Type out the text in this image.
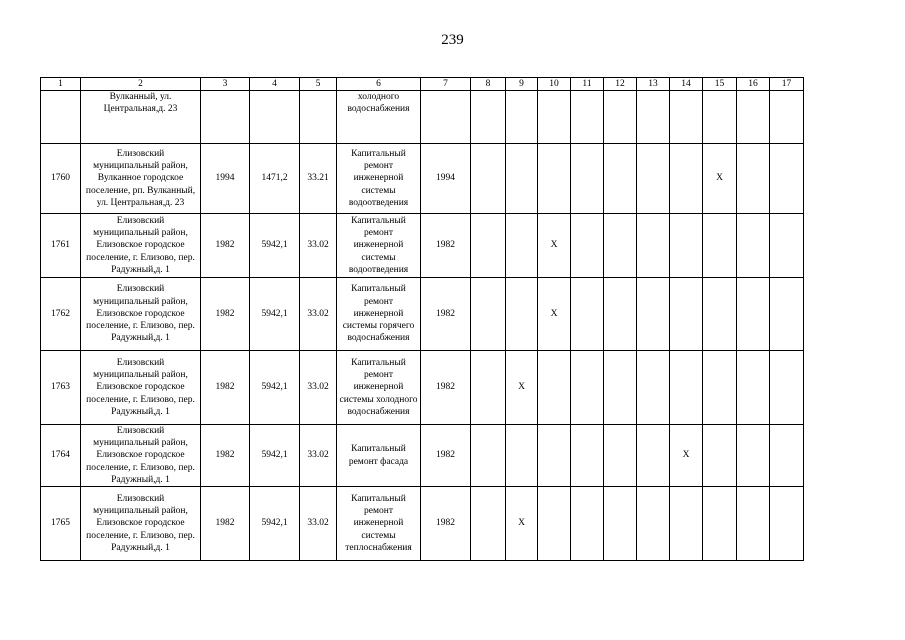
239
1	2	3	4	5	6	7	8	9	10	11	12	13	14	15	16	17
	Вулканный, ул. Центральная,д. 23				холодного водоснабжения											
1760	Елизовский муниципальный район, Вулканное городское поселение, рп. Вулканный, ул. Центральная,д. 23	1994	1471,2	33.21	Капитальный ремонт инженерной системы водоотведения	1994								X		
1761	Елизовский муниципальный район, Елизовское городское поселение, г. Елизово, пер. Радужный,д. 1	1982	5942,1	33.02	Капитальный ремонт инженерной системы водоотведения	1982			X							
1762	Елизовский муниципальный район, Елизовское городское поселение, г. Елизово, пер. Радужный,д. 1	1982	5942,1	33.02	Капитальный ремонт инженерной системы горячего водоснабжения	1982			X							
1763	Елизовский муниципальный район, Елизовское городское поселение, г. Елизово, пер. Радужный,д. 1	1982	5942,1	33.02	Капитальный ремонт инженерной системы холодного водоснабжения	1982		X								
1764	Елизовский муниципальный район, Елизовское городское поселение, г. Елизово, пер. Радужный,д. 1	1982	5942,1	33.02	Капитальный ремонт фасада	1982							X			
1765	Елизовский муниципальный район, Елизовское городское поселение, г. Елизово, пер. Радужный,д. 1	1982	5942,1	33.02	Капитальный ремонт инженерной системы теплоснабжения	1982		X								
